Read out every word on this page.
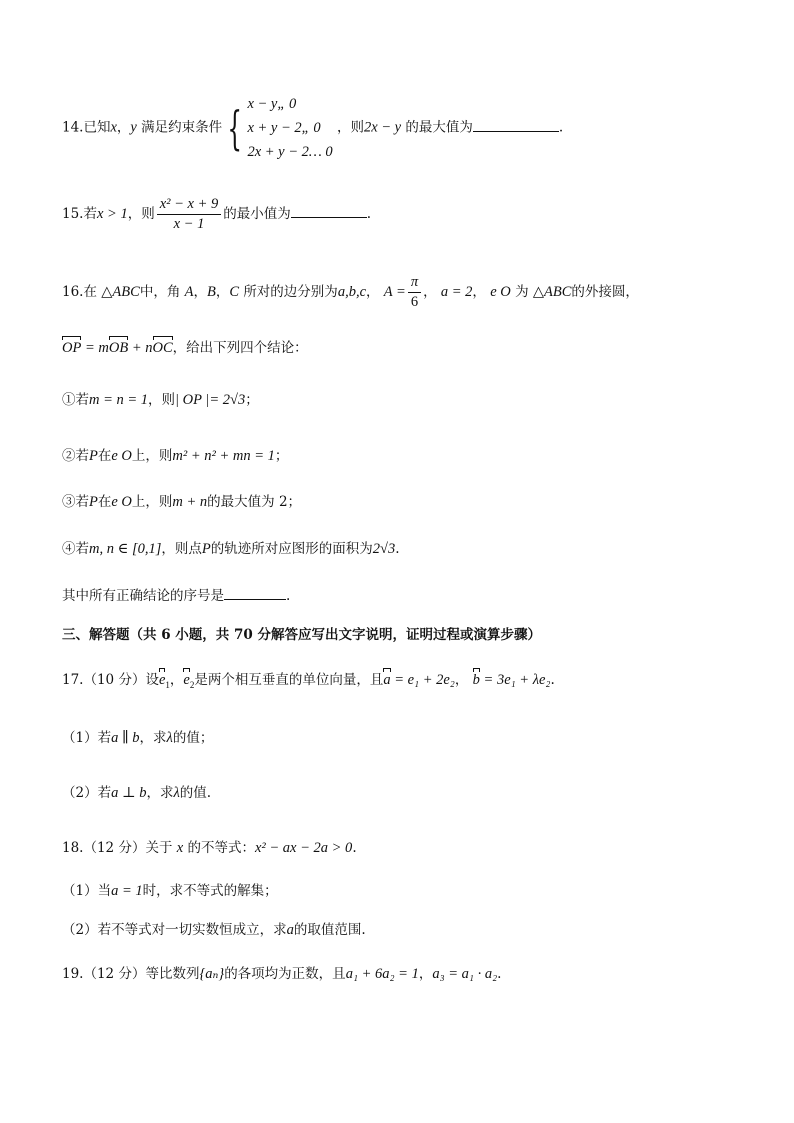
14.已知x，y 满足约束条件 { x − y„ 0
x + y − 2„ 0
2x + y − 2… 0
，则2x − y 的最大值为	.
15.若x > 1，则 $\frac{\text{x² − x + 9}}{x - 1}$ 的最小值为	.
16.在 △ABC中，角 A，B，C 所对的边分别为a,b,c， $A = \frac{\pi}{6}$ ， a = 2， e O 为 △ABC的外接圆，
OP = mOB + nOC，给出下列四个结论：
①若m = n = 1，则| OP |= 2√3；
②若P在e O上，则m² + n² + mn = 1；
③若P在e O上，则m + n的最大值为 2；
④若m, n ∈ [0,1]，则点P的轨迹所对应图形的面积为2√3.
其中所有正确结论的序号是	.
三、解答题（共 6 小题，共 70 分解答应写出文字说明，证明过程或演算步骤）
17.（10 分）设$e_1$，$e_2$是两个相互垂直的单位向量，且a = e₁ + 2e₂， b = 3e₁ + λe₂.
（1）若a ∥ b，求λ的值；
（2）若a ⊥ b，求λ的值.
18.（12 分）关于 x 的不等式：x² − ax − 2a > 0.
（1）当a = 1时，求不等式的解集；
（2）若不等式对一切实数恒成立，求a的取值范围.
19.（12 分）等比数列{aₙ}的各项均为正数，且a₁ + 6a₂ = 1，a₃ = a₁ · a₂.
